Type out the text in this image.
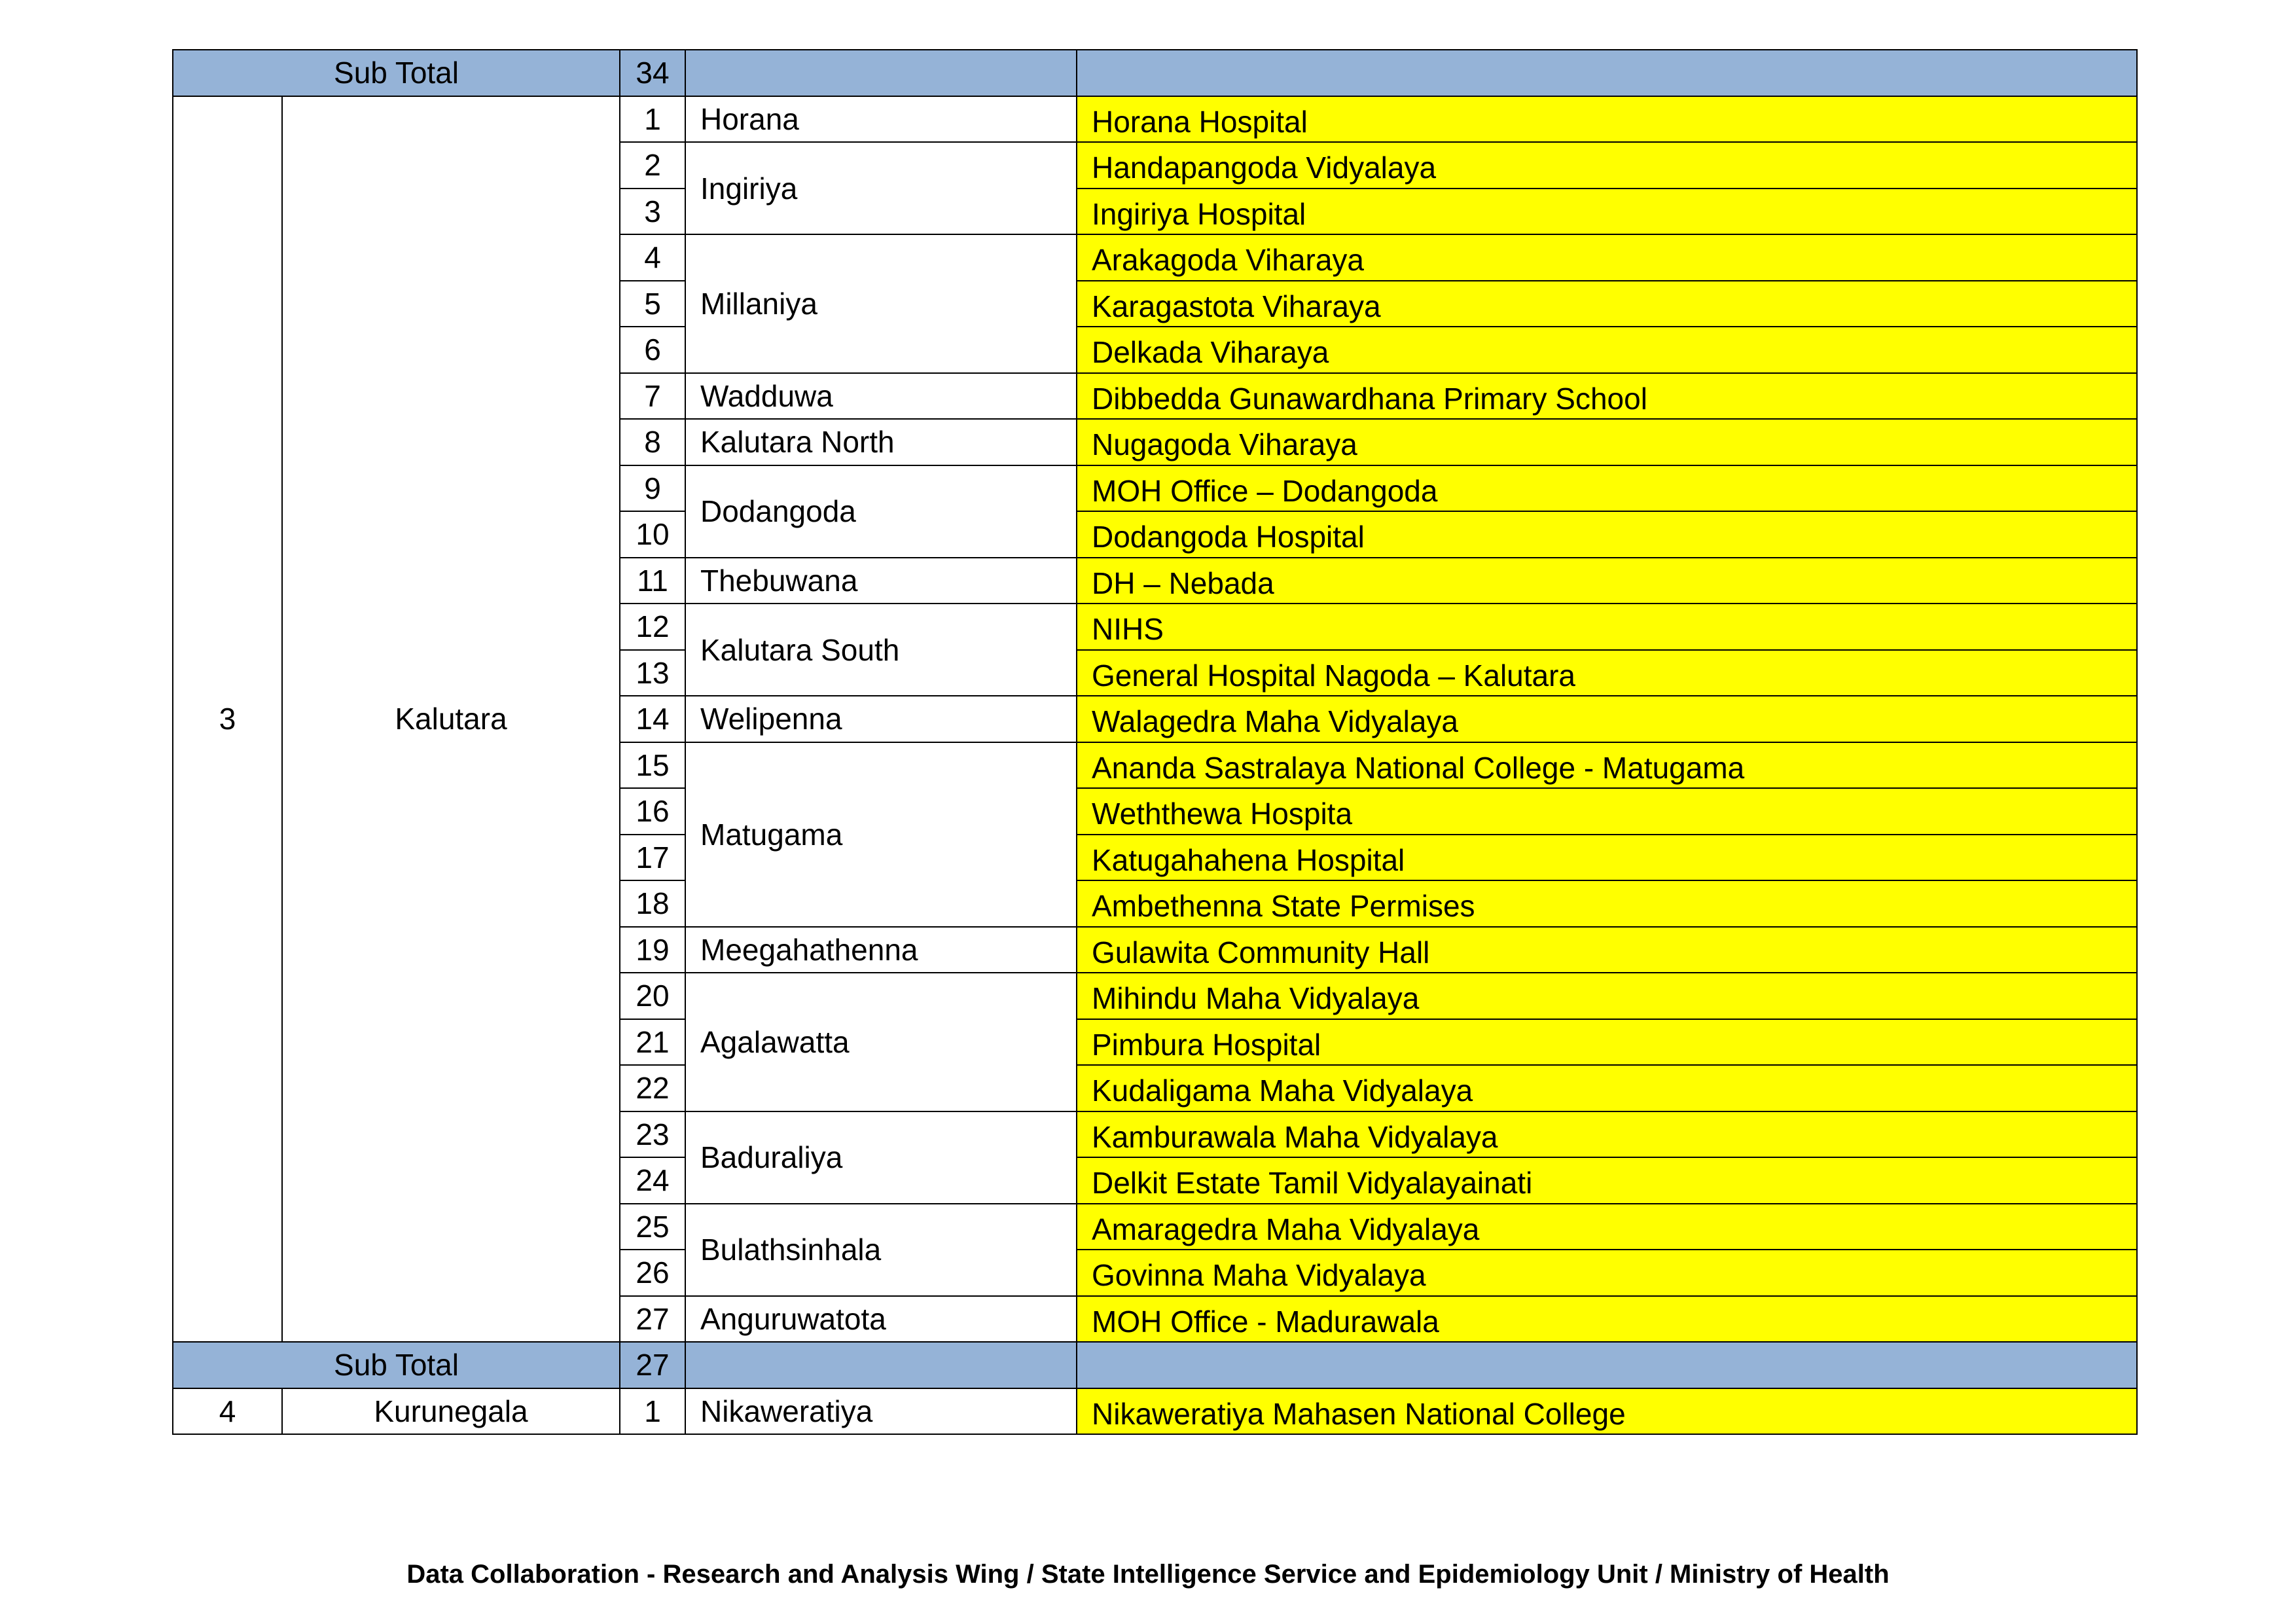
Sub Total		34		
3	Kalutara	1	Horana	Horana Hospital
		2	Ingiriya	Handapangoda Vidyalaya
		3		Ingiriya Hospital
		4	Millaniya	Arakagoda Viharaya
		5		Karagastota Viharaya
		6		Delkada Viharaya
		7	Wadduwa	Dibbedda Gunawardhana Primary School
		8	Kalutara North	Nugagoda Viharaya
		9	Dodangoda	MOH Office – Dodangoda
		10		Dodangoda Hospital
		11	Thebuwana	DH – Nebada
		12	Kalutara South	NIHS
		13		General Hospital Nagoda – Kalutara
		14	Welipenna	Walagedra Maha Vidyalaya
		15	Matugama	Ananda Sastralaya National College - Matugama
		16		Weththewa Hospita
		17		Katugahahena Hospital
		18		Ambethenna State Permises
		19	Meegahathenna	Gulawita Community Hall
		20	Agalawatta	Mihindu Maha Vidyalaya
		21		Pimbura Hospital
		22		Kudaligama Maha Vidyalaya
		23	Baduraliya	Kamburawala Maha Vidyalaya
		24		Delkit Estate Tamil Vidyalayainati
		25	Bulathsinhala	Amaragedra Maha Vidyalaya
		26		Govinna Maha Vidyalaya
		27	Anguruwatota	MOH Office - Madurawala
Sub Total		27		
4	Kurunegala	1	Nikaweratiya	Nikaweratiya Mahasen National College
Data Collaboration - Research and Analysis Wing / State Intelligence Service and Epidemiology Unit / Ministry of Health
